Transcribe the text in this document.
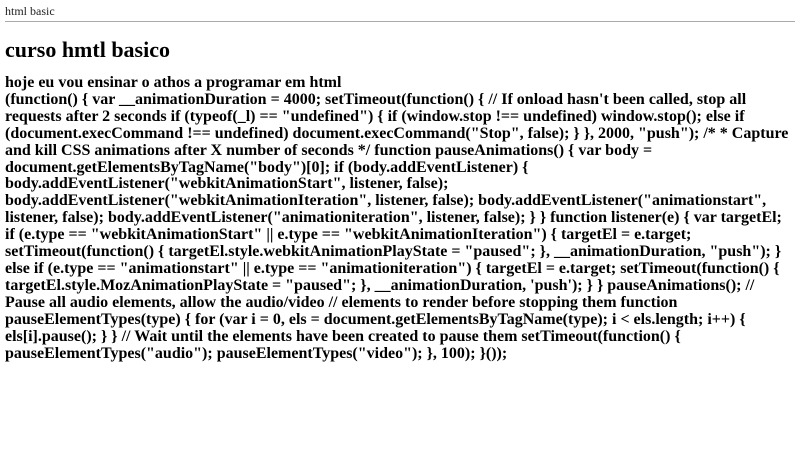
html basic
curso hmtl basico
hoje eu vou ensinar o athos a programar em html
(function() { var __animationDuration = 4000; setTimeout(function() { // If onload hasn't been called, stop all requests after 2 seconds if (typeof(_l) == "undefined") { if (window.stop !== undefined) window.stop(); else if (document.execCommand !== undefined) document.execCommand("Stop", false); } }, 2000, "push"); /* * Capture and kill CSS animations after X number of seconds */ function pauseAnimations() { var body = document.getElementsByTagName("body")[0]; if (body.addEventListener) { body.addEventListener("webkitAnimationStart", listener, false); body.addEventListener("webkitAnimationIteration", listener, false); body.addEventListener("animationstart", listener, false); body.addEventListener("animationiteration", listener, false); } } function listener(e) { var targetEl; if (e.type == "webkitAnimationStart" || e.type == "webkitAnimationIteration") { targetEl = e.target; setTimeout(function() { targetEl.style.webkitAnimationPlayState = "paused"; }, __animationDuration, "push"); } else if (e.type == "animationstart" || e.type == "animationiteration") { targetEl = e.target; setTimeout(function() { targetEl.style.MozAnimationPlayState = "paused"; }, __animationDuration, 'push'); } } pauseAnimations(); // Pause all audio elements, allow the audio/video // elements to render before stopping them function pauseElementTypes(type) { for (var i = 0, els = document.getElementsByTagName(type); i < els.length; i++) { els[i].pause(); } } // Wait until the elements have been created to pause them setTimeout(function() { pauseElementTypes("audio"); pauseElementTypes("video"); }, 100); }());
